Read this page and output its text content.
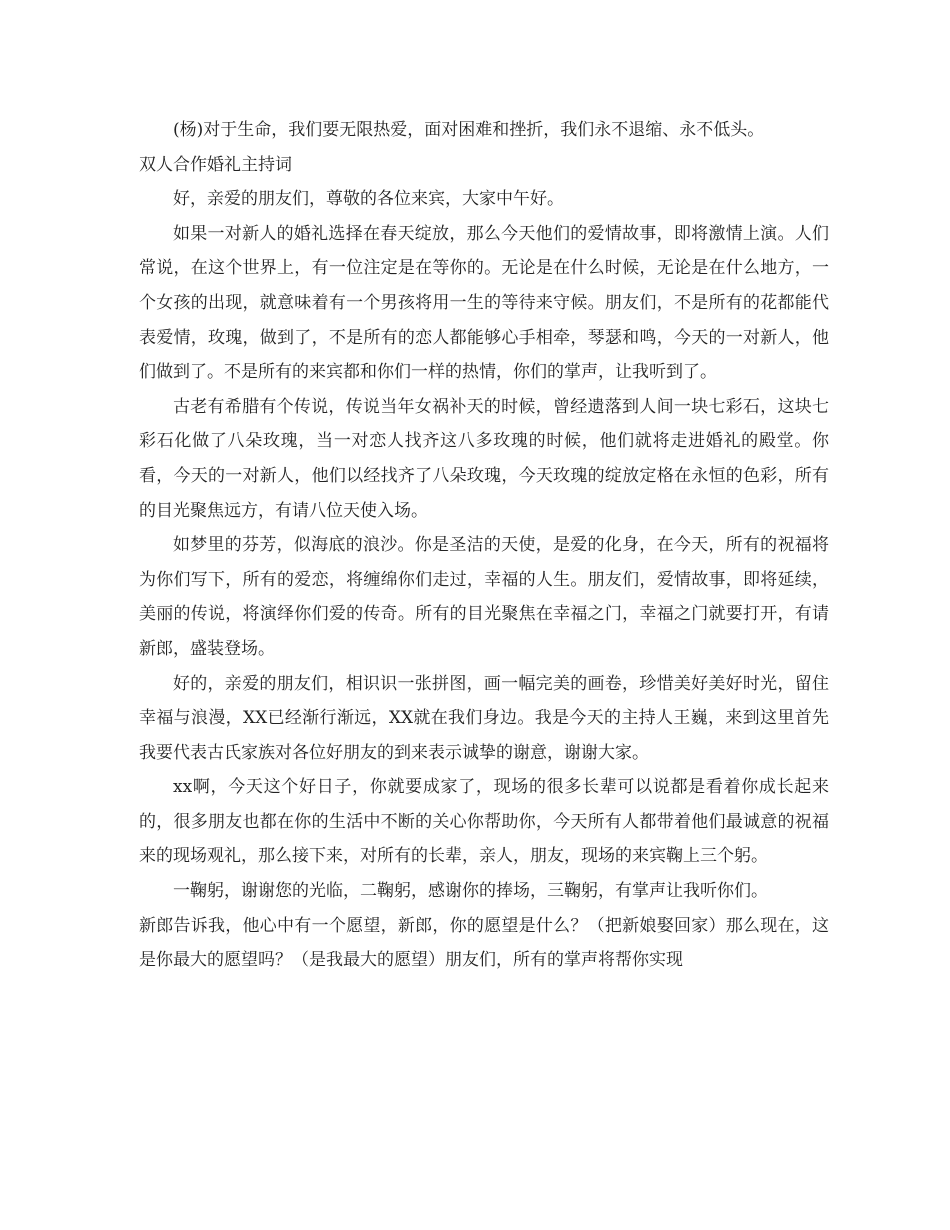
(杨)对于生命，我们要无限热爱，面对困难和挫折，我们永不退缩、永不低头。

双人合作婚礼主持词

好，亲爱的朋友们，尊敬的各位来宾，大家中午好。

如果一对新人的婚礼选择在春天绽放，那么今天他们的爱情故事，即将激情上演。人们常说，在这个世界上，有一位注定是在等你的。无论是在什么时候，无论是在什么地方，一个女孩的出现，就意味着有一个男孩将用一生的等待来守候。朋友们，不是所有的花都能代表爱情，玫瑰，做到了，不是所有的恋人都能够心手相牵，琴瑟和鸣，今天的一对新人，他们做到了。不是所有的来宾都和你们一样的热情，你们的掌声，让我听到了。

古老有希腊有个传说，传说当年女祸补天的时候，曾经遗落到人间一块七彩石，这块七彩石化做了八朵玫瑰，当一对恋人找齐这八多玫瑰的时候，他们就将走进婚礼的殿堂。你看，今天的一对新人，他们以经找齐了八朵玫瑰，今天玫瑰的绽放定格在永恒的色彩，所有的目光聚焦远方，有请八位天使入场。

如梦里的芬芳，似海底的浪沙。你是圣洁的天使，是爱的化身，在今天，所有的祝福将为你们写下，所有的爱恋，将缠绵你们走过，幸福的人生。朋友们，爱情故事，即将延续，美丽的传说，将演绎你们爱的传奇。所有的目光聚焦在幸福之门，幸福之门就要打开，有请新郎，盛装登场。

好的，亲爱的朋友们，相识识一张拼图，画一幅完美的画卷，珍惜美好美好时光，留住幸福与浪漫，XX已经渐行渐远，XX就在我们身边。我是今天的主持人王巍，来到这里首先我要代表古氏家族对各位好朋友的到来表示诚挚的谢意，谢谢大家。

xx啊，今天这个好日子，你就要成家了，现场的很多长辈可以说都是看着你成长起来的，很多朋友也都在你的生活中不断的关心你帮助你，今天所有人都带着他们最诚意的祝福来的现场观礼，那么接下来，对所有的长辈，亲人，朋友，现场的来宾鞠上三个躬。

一鞠躬，谢谢您的光临，二鞠躬，感谢你的捧场，三鞠躬，有掌声让我听你们。

新郎告诉我，他心中有一个愿望，新郎，你的愿望是什么？（把新娘娶回家）那么现在，这是你最大的愿望吗？（是我最大的愿望）朋友们，所有的掌声将帮你实现
